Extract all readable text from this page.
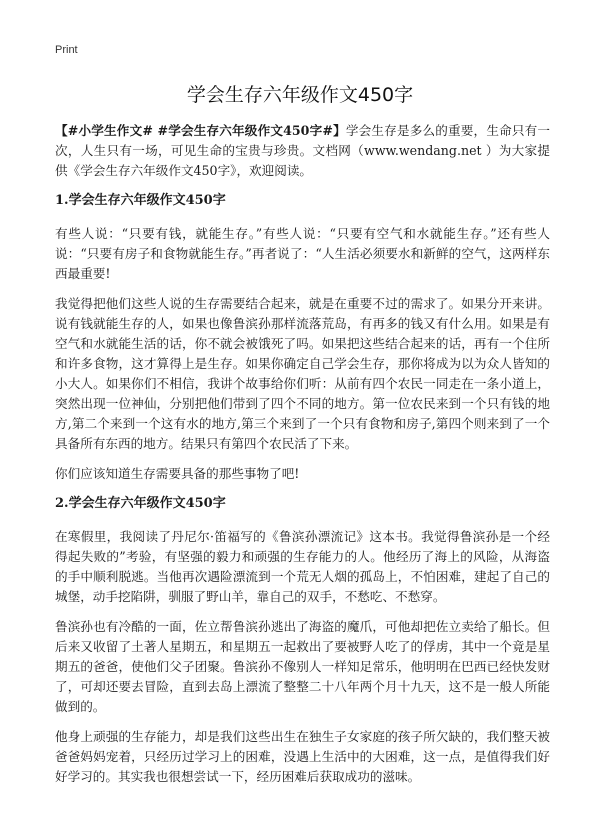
Print
学会生存六年级作文450字

【#小学生作文# #学会生存六年级作文450字#】学会生存是多么的重要，生命只有一次，人生只有一场，可见生命的宝贵与珍贵。文档网（www.wendang.net ）为大家提供《学会生存六年级作文450字》，欢迎阅读。

1.学会生存六年级作文450字

有些人说：“只要有钱，就能生存。”有些人说：“只要有空气和水就能生存。”还有些人说：“只要有房子和食物就能生存。”再者说了：“人生活必须要水和新鲜的空气，这两样东西最重要!

我觉得把他们这些人说的生存需要结合起来，就是在重要不过的需求了。如果分开来讲。说有钱就能生存的人，如果也像鲁滨孙那样流落荒岛，有再多的钱又有什么用。如果是有空气和水就能生活的话，你不就会被饿死了吗。如果把这些结合起来的话，再有一个住所和许多食物，这才算得上是生存。如果你确定自己学会生存，那你将成为以为众人皆知的小大人。如果你们不相信，我讲个故事给你们听：从前有四个农民一同走在一条小道上，突然出现一位神仙，分别把他们带到了四个不同的地方。第一位农民来到一个只有钱的地方,第二个来到一个这有水的地方,第三个来到了一个只有食物和房子,第四个则来到了一个具备所有东西的地方。结果只有第四个农民活了下来。

你们应该知道生存需要具备的那些事物了吧!

2.学会生存六年级作文450字

在寒假里，我阅读了丹尼尔·笛福写的《鲁滨孙漂流记》这本书。我觉得鲁滨孙是一个经得起失败的”考验，有坚强的毅力和顽强的生存能力的人。他经历了海上的风险，从海盗的手中顺利脱逃。当他再次遇险漂流到一个荒无人烟的孤岛上，不怕困难，建起了自己的城堡，动手挖陷阱，驯服了野山羊，靠自己的双手，不愁吃、不愁穿。

鲁滨孙也有冷酷的一面，佐立帮鲁滨孙逃出了海盗的魔爪，可他却把佐立卖给了船长。但后来又收留了土著人星期五，和星期五一起救出了要被野人吃了的俘虏，其中一个竟是星期五的爸爸，使他们父子团聚。鲁滨孙不像别人一样知足常乐，他明明在巴西已经快发财了，可却还要去冒险，直到去岛上漂流了整整二十八年两个月十九天，这不是一般人所能做到的。

他身上顽强的生存能力，却是我们这些出生在独生子女家庭的孩子所欠缺的，我们整天被爸爸妈妈宠着，只经历过学习上的困难，没遇上生活中的大困难，这一点，是值得我们好好学习的。其实我也很想尝试一下，经历困难后获取成功的滋味。
